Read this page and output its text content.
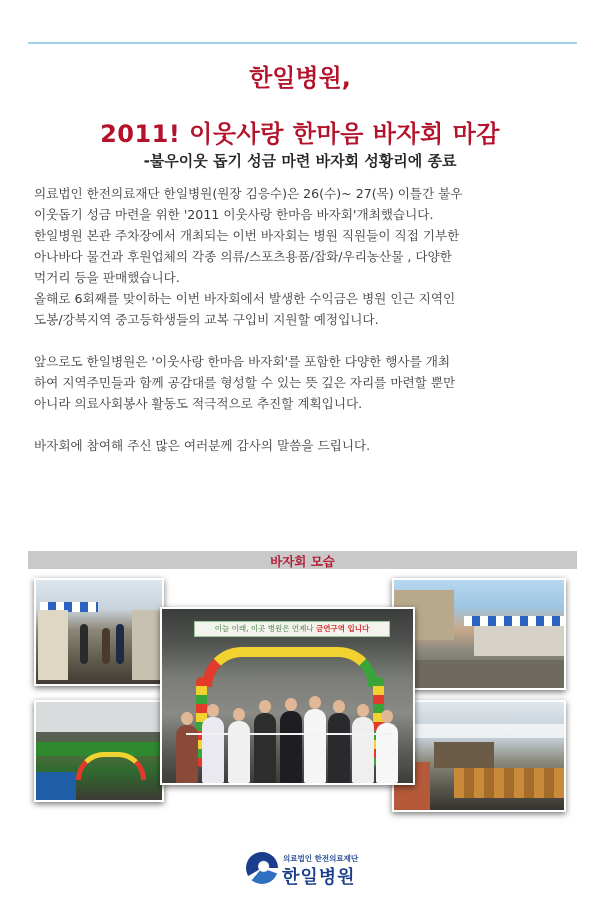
한일병원,
2011! 이웃사랑 한마음 바자회 마감
-불우이웃 돕기 성금 마련 바자회 성황리에 종료

의료법인 한전의료재단 한일병원(원장 김응수)은 26(수)~ 27(목) 이틀간 불우

이웃돕기 성금 마련을 위한 '2011 이웃사랑 한마음 바자회'개최했습니다.

한일병원 본관 주차장에서 개최되는 이번 바자회는 병원 직원들이 직접 기부한

아나바다 물건과 후원업체의 각종 의류/스포츠용품/잡화/우리농산물 , 다양한

먹거리 등을 판매했습니다.

올해로 6회째를 맞이하는 이번 바자회에서 발생한 수익금은 병원 인근 지역인

도봉/강북지역 중고등학생들의 교복 구입비 지원할 예정입니다.

앞으로도 한일병원은 '이웃사랑 한마음 바자회'를 포함한 다양한 행사를 개최

하여 지역주민들과 함께 공감대를 형성할 수 있는 뜻 깊은 자리를 마련할 뿐만

아니라 의료사회봉사 활동도 적극적으로 추진할 계획입니다.

바자회에 참여해 주신 많은 여러분께 감사의 말씀을 드립니다.

바자회 모습
이늘 이래, 이곳 병원은 언제나 금연구역 입니다
의료법인 한전의료재단
한일병원
